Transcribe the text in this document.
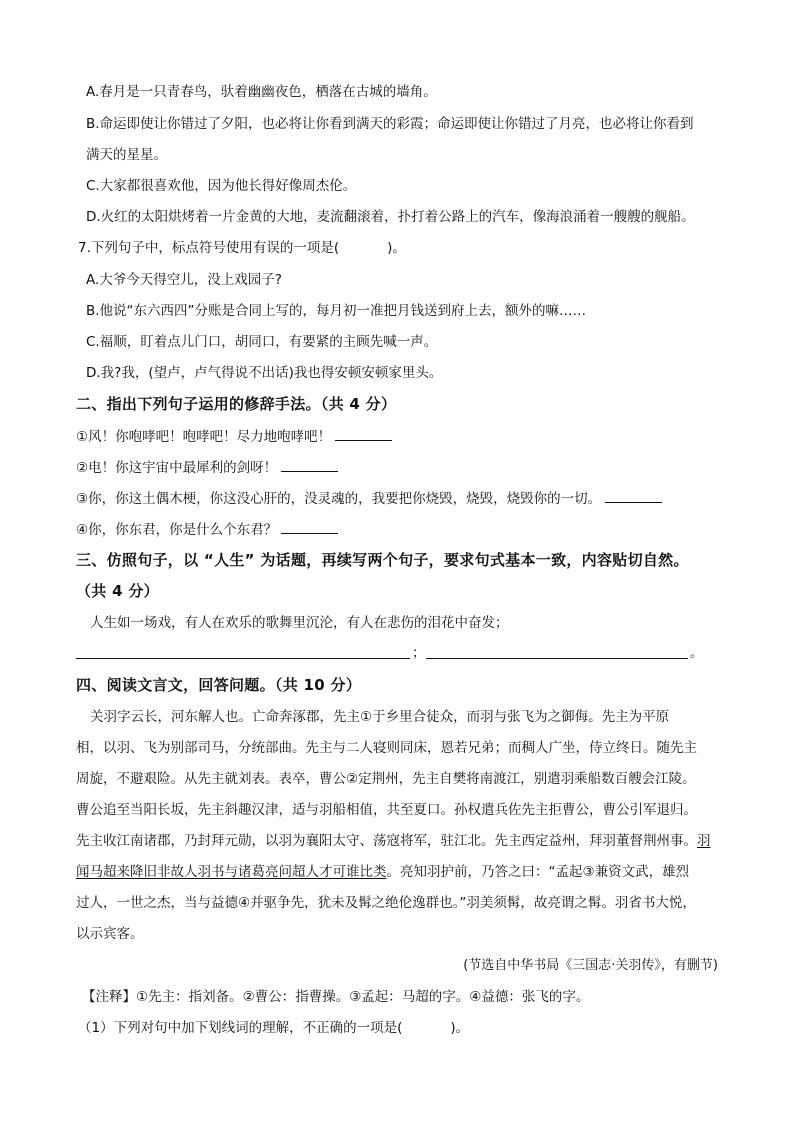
A.春月是一只青春鸟，驮着幽幽夜色，栖落在古城的墙角。
B.命运即使让你错过了夕阳，也必将让你看到满天的彩霞；命运即使让你错过了月亮，也必将让你看到
满天的星星。
C.大家都很喜欢他，因为他长得好像周杰伦。
D.火红的太阳烘烤着一片金黄的大地，麦流翻滚着，扑打着公路上的汽车，像海浪涌着一艘艘的舰船。
7.下列句子中，标点符号使用有误的一项是(	)。
A.大爷今天得空儿，没上戏园子?
B.他说“东六西四”分账是合同上写的，每月初一准把月钱送到府上去，额外的嘛……
C.福顺，盯着点儿门口，胡同口，有要紧的主顾先喊一声。
D.我?我，(望卢，卢气得说不出话)我也得安顿安顿家里头。
二、指出下列句子运用的修辞手法。（共 4 分）
①风！你咆哮吧！咆哮吧！尽力地咆哮吧！
②电！你这宇宙中最犀利的剑呀！
③你，你这土偶木梗，你这没心肝的，没灵魂的，我要把你烧毁，烧毁，烧毁你的一切。
④你，你东君，你是什么个东君？
三、仿照句子，以 “人生” 为话题，再续写两个句子，要求句式基本一致，内容贴切自然。
（共 4 分）
人生如一场戏，有人在欢乐的歌舞里沉沦，有人在悲伤的泪花中奋发；
；	。
四、阅读文言文，回答问题。（共 10 分）
关羽字云长，河东解人也。亡命奔涿郡，先主①于乡里合徒众，而羽与张飞为之御侮。先主为平原
相，以羽、飞为别部司马，分统部曲。先主与二人寝则同床，恩若兄弟；而稠人广坐，侍立终日。随先主
周旋，不避艰险。从先主就刘表。表卒，曹公②定荆州，先主自樊将南渡江，别遣羽乘船数百艘会江陵。
曹公追至当阳长坂，先主斜趣汉津，适与羽船相值，共至夏口。孙权遣兵佐先主拒曹公，曹公引军退归。
先主收江南诸郡，乃封拜元勋，以羽为襄阳太守、荡寇将军，驻江北。先主西定益州，拜羽董督荆州事。羽
闻马超来降旧非故人羽书与诸葛亮问超人才可谁比类。亮知羽护前，乃答之曰：“孟起③兼资文武，雄烈
过人，一世之杰，当与益德④并驱争先，犹未及髯之绝伦逸群也。”羽美须髯，故亮谓之髯。羽省书大悦，
以示宾客。
(节选自中华书局《三国志·关羽传》，有删节)
【注释】①先主：指刘备。②曹公：指曹操。③孟起：马超的字。④益德：张飞的字。
（1）下列对句中加下划线词的理解，不正确的一项是(	)。
